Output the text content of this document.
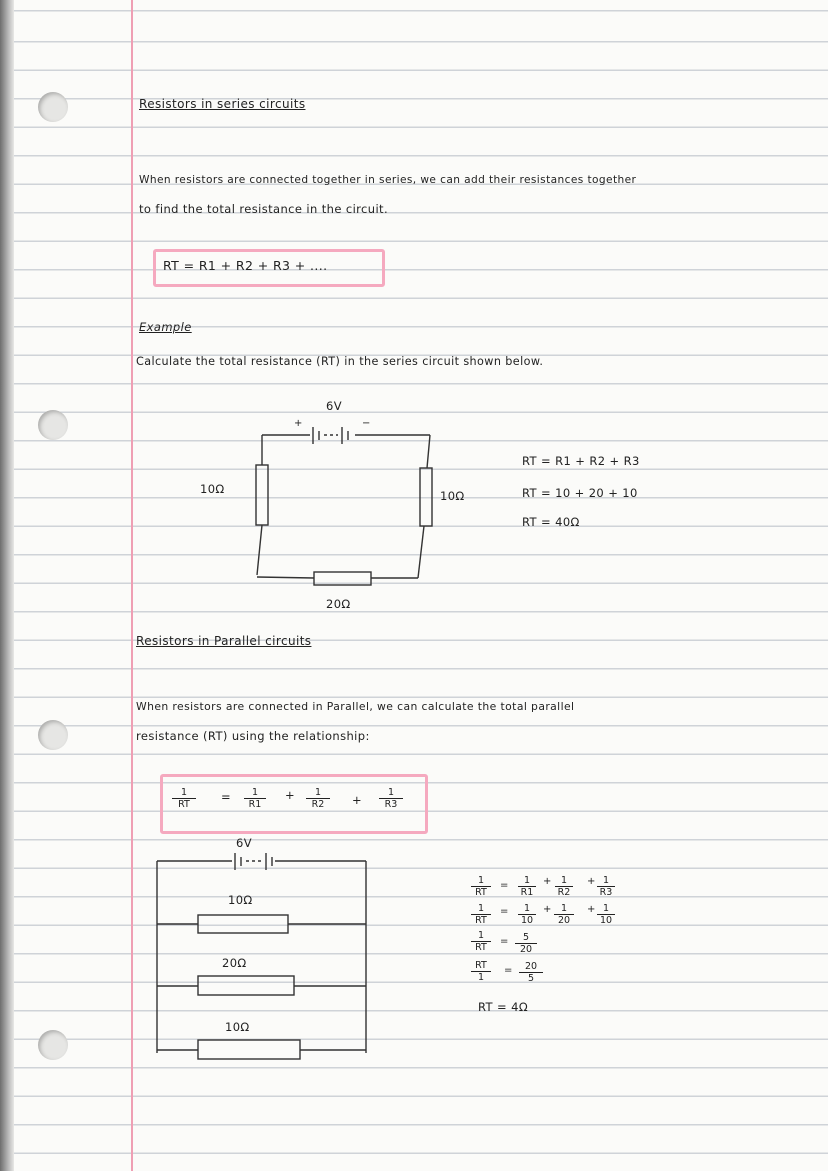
Resistors in series circuits
When resistors are connected together in series, we can add their resistances together
to find the total resistance in the circuit.
RT = R1 + R2 + R3 + ....
Example
Calculate the total resistance (RT) in the series circuit shown below.
6V
+	−
10Ω	10Ω
20Ω
RT = R1 + R2 + R3
RT = 10 + 20 + 10
RT = 40Ω
Resistors in Parallel circuits
When resistors are connected in Parallel, we can calculate the total parallel
resistance (RT) using the relationship:
$\frac{1}{RT} = \frac{1}{R1} + \frac{1}{R2} + \frac{1}{R3}$
6V
10Ω
20Ω
10Ω
$\frac{1}{RT} = \frac{1}{R1} + \frac{1}{R2} + \frac{1}{R3}$
$\frac{1}{RT} = \frac{1}{10} + \frac{1}{20} + \frac{1}{10}$
$\frac{1}{RT} = \frac{5}{20}$
$\frac{RT}{1} = \frac{20}{5}$
RT = 4Ω
